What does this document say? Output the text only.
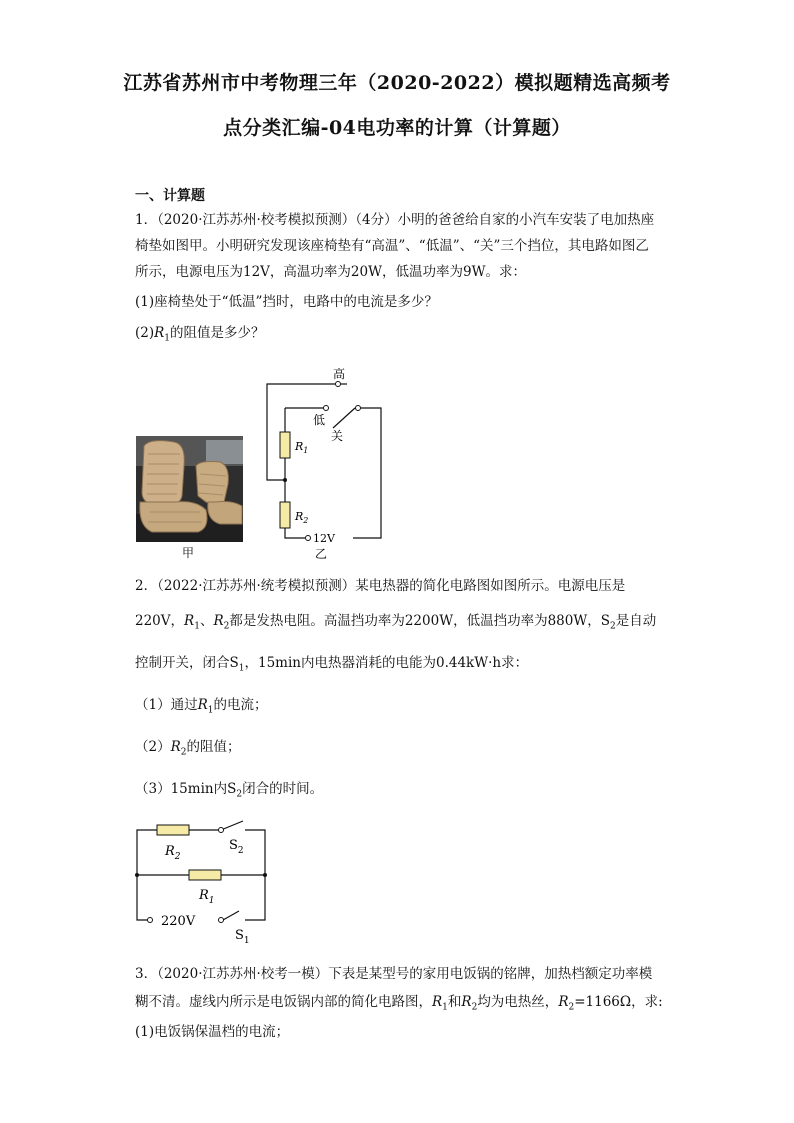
江苏省苏州市中考物理三年（2020-2022）模拟题精选高频考
点分类汇编-04电功率的计算（计算题）
一、计算题
1．（2020·江苏苏州·校考模拟预测）（4分）小明的爸爸给自家的小汽车安装了电加热座
椅垫如图甲。小明研究发现该座椅垫有“高温”、“低温”、“关”三个挡位，其电路如图乙
所示，电源电压为12V，高温功率为20W，低温功率为9W。求：
(1)座椅垫处于“低温”挡时，电路中的电流是多少？
$(2)R_1$的阻值是多少？
甲
高
低
关
$R_1$
$R_2$
12V
乙
2．（2022·江苏苏州·统考模拟预测）某电热器的简化电路图如图所示。电源电压是
220V，$R_1$、$R_2$都是发热电阻。高温挡功率为2200W，低温挡功率为880W，$S_2$是自动
控制开关，闭合$S_1$，15min内电热器消耗的电能为0.44kW·h求：
（1）通过$R_1$的电流；
$(2)R_2$的阻值；
（3）15min内$S_2$闭合的时间。
$R_2$
$S_2$
$R_1$
220V
$S_1$
3．（2020·江苏苏州·校考一模）下表是某型号的家用电饭锅的铭牌，加热档额定功率模
糊不清。虚线内所示是电饭锅内部的简化电路图，$R_1$和$R_2$均为电热丝，$R_2=1166\Omega$，求:
(1)电饭锅保温档的电流；
